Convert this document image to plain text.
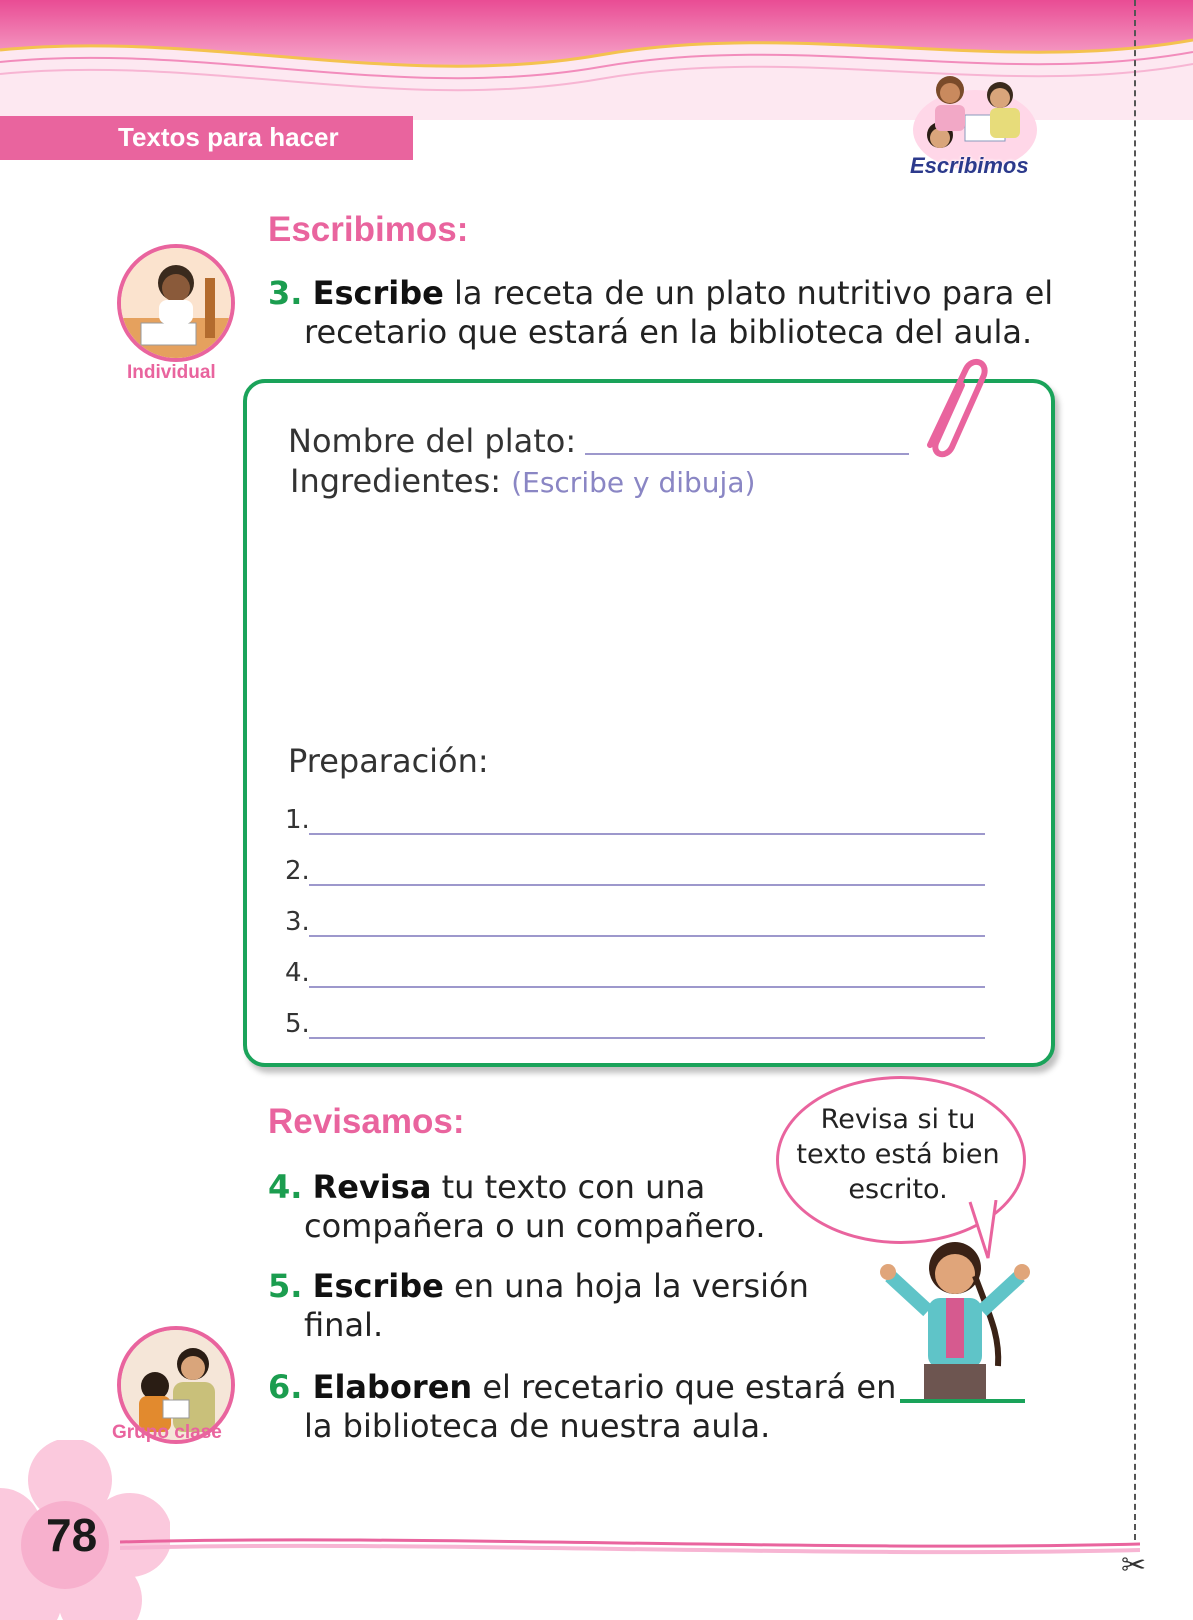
Textos para hacer
Escribimos
✂
Individual
Escribimos:
3. Escribe la receta de un plato nutritivo para el
recetario que estará en la biblioteca del aula.
Nombre del plato:
Ingredientes: (Escribe y dibuja)
Preparación:
1.
2.
3.
4.
5.
Revisamos:	Revisa si tu
texto está bien
escrito.
4. Revisa tu texto con una
compañera o un compañero.
5. Escribe en una hoja la versión
final.
6. Elaboren el recetario que estará en
la biblioteca de nuestra aula.
Grupo clase
78
